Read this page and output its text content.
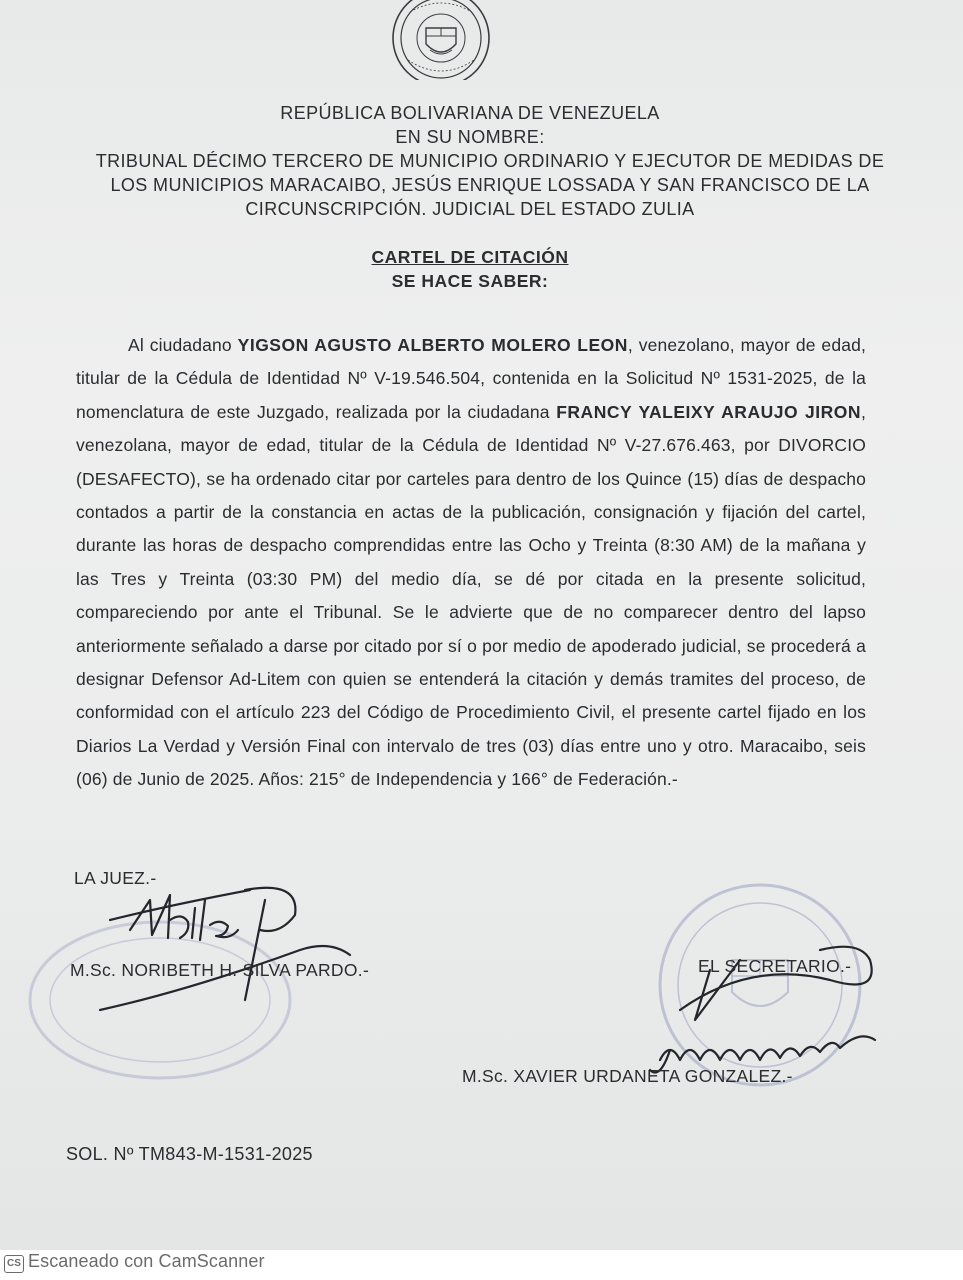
REPÚBLICA BOLIVARIANA DE VENEZUELA
EN SU NOMBRE:
TRIBUNAL DÉCIMO TERCERO DE MUNICIPIO ORDINARIO Y EJECUTOR DE MEDIDAS DE
LOS MUNICIPIOS MARACAIBO, JESÚS ENRIQUE LOSSADA Y SAN FRANCISCO DE LA
CIRCUNSCRIPCIÓN. JUDICIAL DEL ESTADO ZULIA
CARTEL DE CITACIÓN
SE HACE SABER:

Al ciudadano YIGSON AGUSTO ALBERTO MOLERO LEON, venezolano, mayor de edad, titular de la Cédula de Identidad Nº V-19.546.504, contenida en la Solicitud Nº 1531-2025, de la nomenclatura de este Juzgado, realizada por la ciudadana FRANCY YALEIXY ARAUJO JIRON, venezolana, mayor de edad, titular de la Cédula de Identidad Nº V-27.676.463, por DIVORCIO (DESAFECTO), se ha ordenado citar por carteles para dentro de los Quince (15) días de despacho contados a partir de la constancia en actas de la publicación, consignación y fijación del cartel, durante las horas de despacho comprendidas entre las Ocho y Treinta (8:30 AM) de la mañana y las Tres y Treinta (03:30 PM) del medio día, se dé por citada en la presente solicitud, compareciendo por ante el Tribunal. Se le advierte que de no comparecer dentro del lapso anteriormente señalado a darse por citado por sí o por medio de apoderado judicial, se procederá a designar Defensor Ad-Litem con quien se entenderá la citación y demás tramites del proceso, de conformidad con el artículo 223 del Código de Procedimiento Civil, el presente cartel fijado en los Diarios La Verdad y Versión Final con intervalo de tres (03) días entre uno y otro. Maracaibo, seis (06) de Junio de 2025. Años: 215° de Independencia y 166° de Federación.-

LA JUEZ.-
M.Sc. NORIBETH H. SILVA PARDO.-	EL SECRETARIO.-
M.Sc. XAVIER URDANETA GONZALEZ.-
SOL. Nº TM843-M-1531-2025
CS Escaneado con CamScanner
